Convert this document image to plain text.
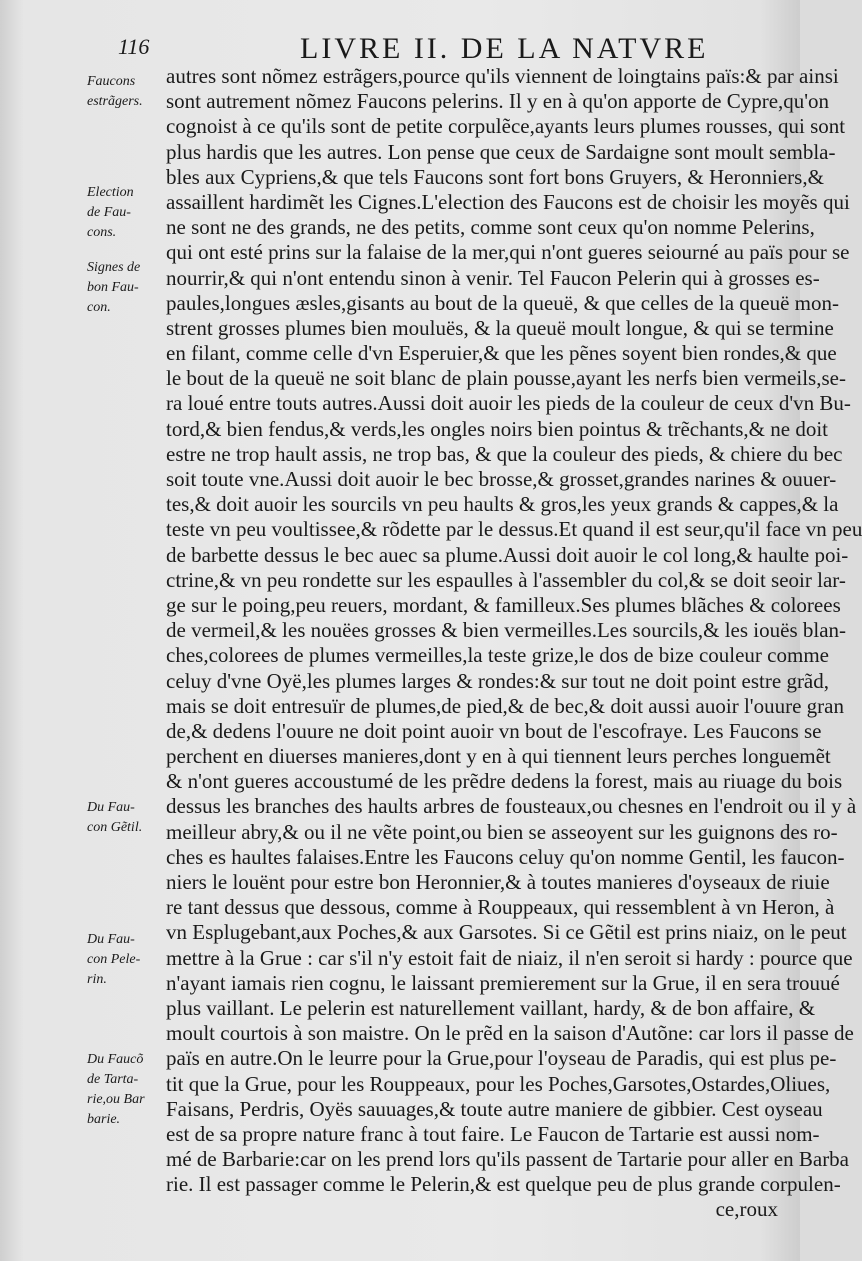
116	LIVRE II. DE LA NATVRE
Faucons
estrãgers.
Election
de Fau-
cons.
Signes de
bon Fau-
con.
Du Fau-
con Gẽtil.
Du Fau-
con Pele-
rin.
Du Faucõ
de Tarta-
rie,ou Bar
barie.
autres sont nõmez estrãgers,pource qu'ils viennent de loingtains païs:& par ainsi
sont autrement nõmez Faucons pelerins. Il y en à qu'on apporte de Cypre,qu'on
cognoist à ce qu'ils sont de petite corpulẽce,ayants leurs plumes rousses, qui sont
plus hardis que les autres. Lon pense que ceux de Sardaigne sont moult sembla-
bles aux Cypriens,& que tels Faucons sont fort bons Gruyers, & Heronniers,&
assaillent hardimẽt les Cignes.L'election des Faucons est de choisir les moyẽs qui
ne sont ne des grands, ne des petits, comme sont ceux qu'on nomme Pelerins,
qui ont esté prins sur la falaise de la mer,qui n'ont gueres seiourné au païs pour se
nourrir,& qui n'ont entendu sinon à venir. Tel Faucon Pelerin qui à grosses es-
paules,longues æsles,gisants au bout de la queuë, & que celles de la queuë mon-
strent grosses plumes bien mouluës, & la queuë moult longue, & qui se termine
en filant, comme celle d'vn Esperuier,& que les pẽnes soyent bien rondes,& que
le bout de la queuë ne soit blanc de plain pousse,ayant les nerfs bien vermeils,se-
ra loué entre touts autres.Aussi doit auoir les pieds de la couleur de ceux d'vn Bu-
tord,& bien fendus,& verds,les ongles noirs bien pointus & trẽchants,& ne doit
estre ne trop hault assis, ne trop bas, & que la couleur des pieds, & chiere du bec
soit toute vne.Aussi doit auoir le bec brosse,& grosset,grandes narines & ouuer-
tes,& doit auoir les sourcils vn peu haults & gros,les yeux grands & cappes,& la
teste vn peu voultissee,& rõdette par le dessus.Et quand il est seur,qu'il face vn peu
de barbette dessus le bec auec sa plume.Aussi doit auoir le col long,& haulte poi-
ctrine,& vn peu rondette sur les espaulles à l'assembler du col,& se doit seoir lar-
ge sur le poing,peu reuers, mordant, & familleux.Ses plumes blãches & colorees
de vermeil,& les nouëes grosses & bien vermeilles.Les sourcils,& les iouës blan-
ches,colorees de plumes vermeilles,la teste grize,le dos de bize couleur comme
celuy d'vne Oyë,les plumes larges & rondes:& sur tout ne doit point estre grãd,
mais se doit entresuïr de plumes,de pied,& de bec,& doit aussi auoir l'ouure gran
de,& dedens l'ouure ne doit point auoir vn bout de l'escofraye. Les Faucons se
perchent en diuerses manieres,dont y en à qui tiennent leurs perches longuemẽt
& n'ont gueres accoustumé de les prẽdre dedens la forest, mais au riuage du bois
dessus les branches des haults arbres de fousteaux,ou chesnes en l'endroit ou il y à
meilleur abry,& ou il ne vẽte point,ou bien se asseoyent sur les guignons des ro-
ches es haultes falaises.Entre les Faucons celuy qu'on nomme Gentil, les faucon-
niers le louënt pour estre bon Heronnier,& à toutes manieres d'oyseaux de riuie
re tant dessus que dessous, comme à Rouppeaux, qui ressemblent à vn Heron, à
vn Esplugebant,aux Poches,& aux Garsotes. Si ce Gẽtil est prins niaiz, on le peut
mettre à la Grue : car s'il n'y estoit fait de niaiz, il n'en seroit si hardy : pource que
n'ayant iamais rien cognu, le laissant premierement sur la Grue, il en sera trouué
plus vaillant. Le pelerin est naturellement vaillant, hardy, & de bon affaire, &
moult courtois à son maistre. On le prẽd en la saison d'Autõne: car lors il passe de
païs en autre.On le leurre pour la Grue,pour l'oyseau de Paradis, qui est plus pe-
tit que la Grue, pour les Rouppeaux, pour les Poches,Garsotes,Ostardes,Oliues,
Faisans, Perdris, Oyës sauuages,& toute autre maniere de gibbier. Cest oyseau
est de sa propre nature franc à tout faire. Le Faucon de Tartarie est aussi nom-
mé de Barbarie:car on les prend lors qu'ils passent de Tartarie pour aller en Barba
rie. Il est passager comme le Pelerin,& est quelque peu de plus grande corpulen-
ce,roux
